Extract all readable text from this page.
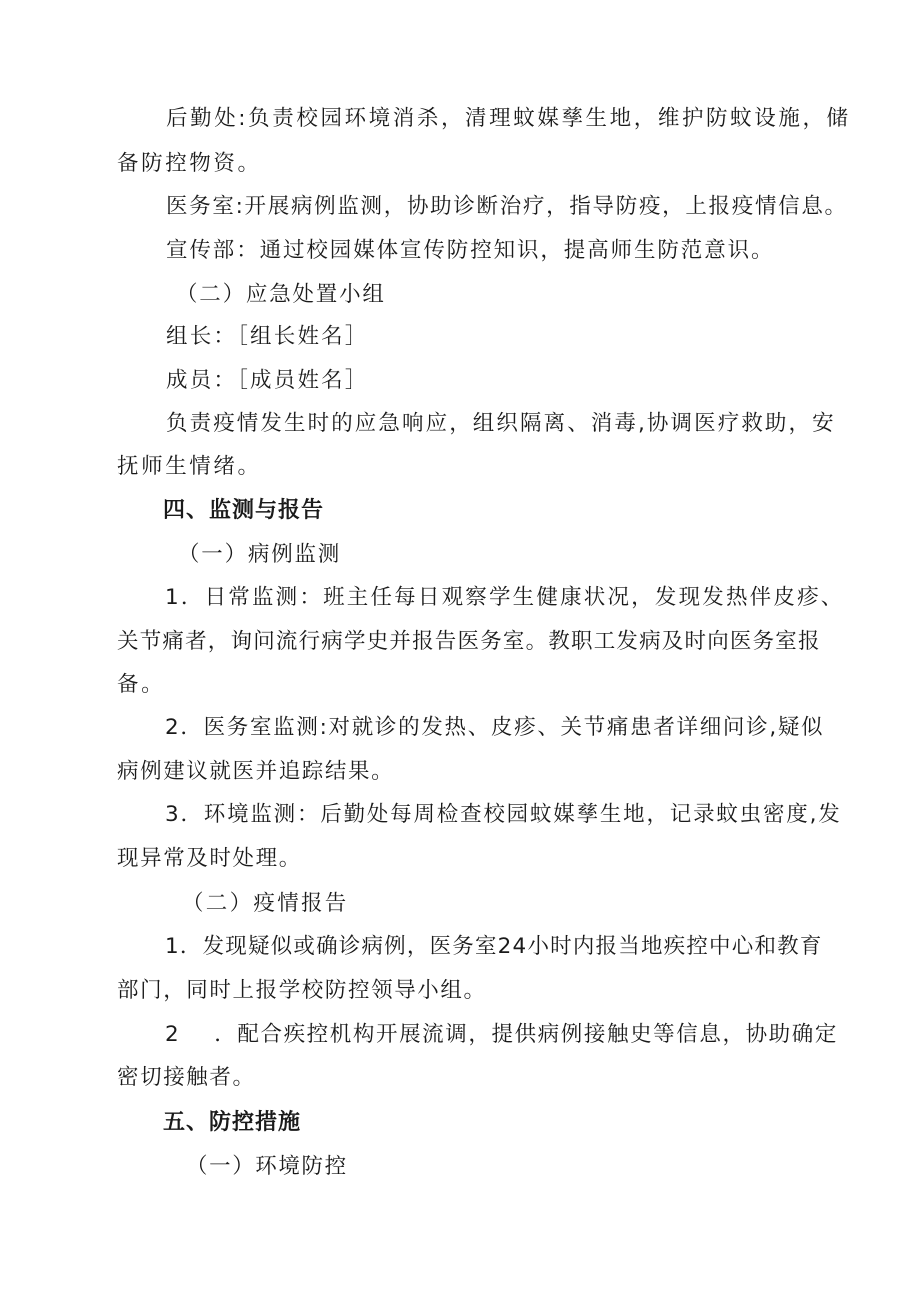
后勤处:负责校园环境消杀，清理蚊媒孳生地，维护防蚊设施，储
备防控物资。
医务室:开展病例监测，协助诊断治疗，指导防疫，上报疫情信息。
宣传部：通过校园媒体宣传防控知识，提高师生防范意识。
（二）应急处置小组
组长：［组长姓名］
成员：［成员姓名］
负责疫情发生时的应急响应，组织隔离、消毒,协调医疗救助，安
抚师生情绪。
四、监测与报告
（一）病例监测
1．日常监测：班主任每日观察学生健康状况，发现发热伴皮疹、
关节痛者，询问流行病学史并报告医务室。教职工发病及时向医务室报
备。
2．医务室监测:对就诊的发热、皮疹、关节痛患者详细问诊,疑似
病例建议就医并追踪结果。
3．环境监测：后勤处每周检查校园蚊媒孳生地，记录蚊虫密度,发
现异常及时处理。
（二）疫情报告
1．发现疑似或确诊病例，医务室24小时内报当地疾控中心和教育
部门，同时上报学校防控领导小组。
2 ．配合疾控机构开展流调，提供病例接触史等信息，协助确定
密切接触者。
五、防控措施
（一）环境防控
